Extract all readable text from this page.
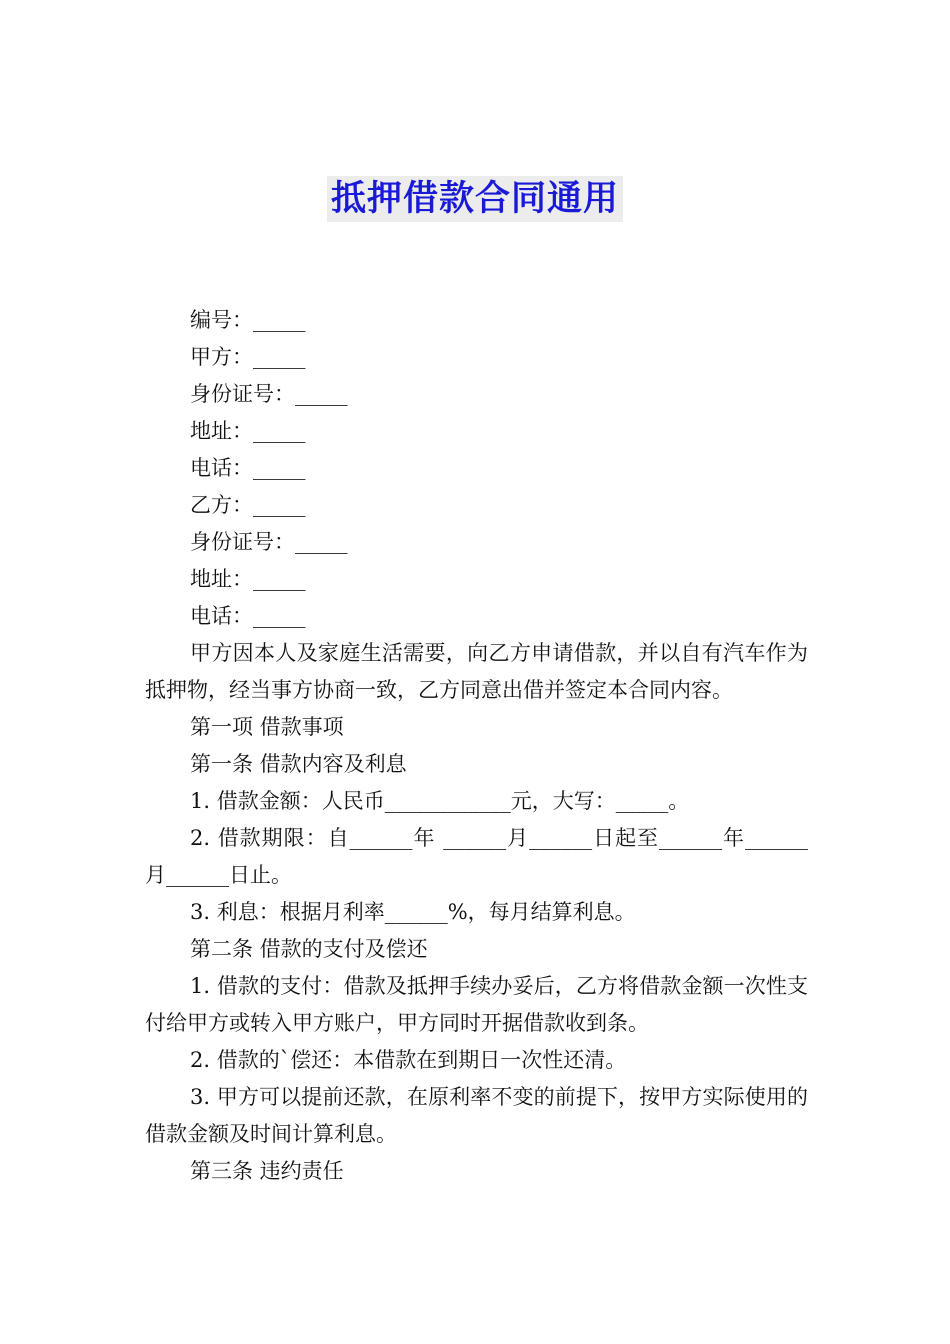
抵押借款合同通用
编号：_____
甲方：_____
身份证号：_____
地址：_____
电话：_____
乙方：_____
身份证号：_____
地址：_____
电话：_____

甲方因本人及家庭生活需要，向乙方申请借款，并以自有汽车作为抵押物，经当事方协商一致，乙方同意出借并签定本合同内容。

第一项 借款事项
第一条 借款内容及利息
1. 借款金额：人民币____________元，大写：_____。

2. 借款期限：自______年 ______月______日起至______年______月______日止。

3. 利息：根据月利率______%，每月结算利息。
第二条 借款的支付及偿还

1. 借款的支付：借款及抵押手续办妥后，乙方将借款金额一次性支付给甲方或转入甲方账户，甲方同时开据借款收到条。

2. 借款的`偿还：本借款在到期日一次性还清。

3. 甲方可以提前还款，在原利率不变的前提下，按甲方实际使用的借款金额及时间计算利息。

第三条 违约责任
